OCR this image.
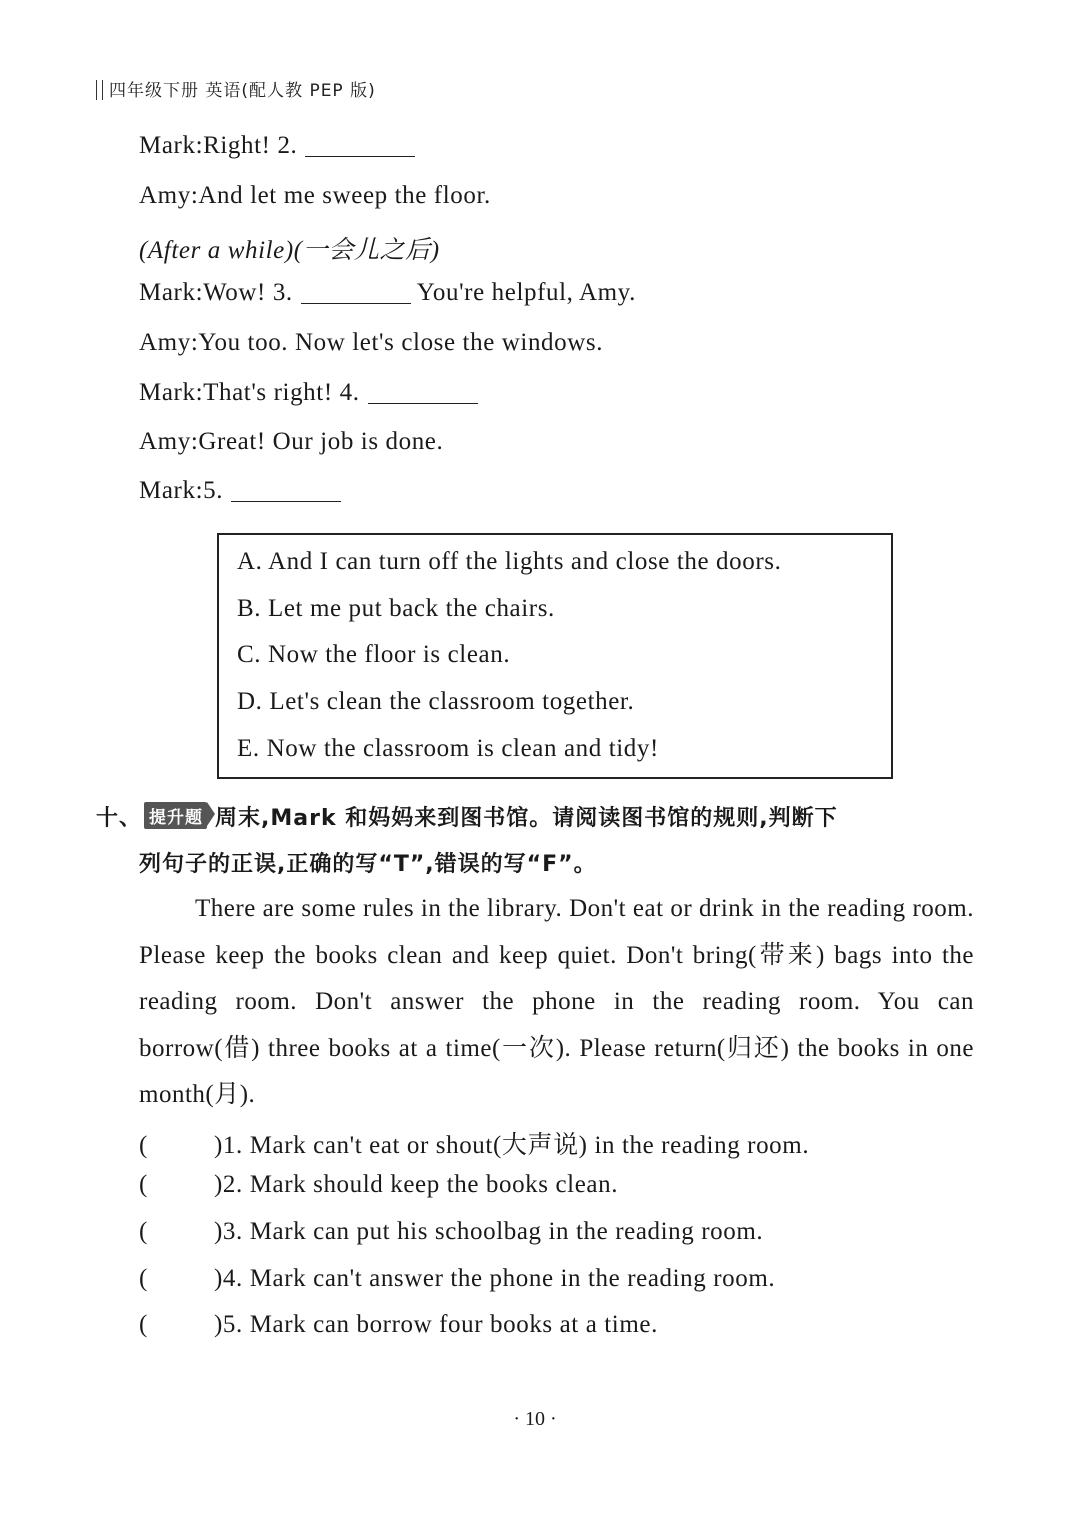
四年级下册 英语(配人教 PEP 版)
Mark:Right! 2.
Amy:And let me sweep the floor.
(After a while)(一会儿之后)
Mark:Wow! 3.	You're helpful, Amy.
Amy:You too. Now let's close the windows.
Mark:That's right! 4.
Amy:Great! Our job is done.
Mark:5.
A. And I can turn off the lights and close the doors.
B. Let me put back the chairs.
C. Now the floor is clean.
D. Let's clean the classroom together.
E. Now the classroom is clean and tidy!
十、 提升题 周末,Mark 和妈妈来到图书馆。请阅读图书馆的规则,判断下
列句子的正误,正确的写“T”,错误的写“F”。
There are some rules in the library. Don't eat or drink in the reading room. Please keep the books clean and keep quiet. Don't bring(带来) bags into the reading room. Don't answer the phone in the reading room. You can borrow(借) three books at a time(一次). Please return(归还) the books in one month(月).
(	)1. Mark can't eat or shout(大声说) in the reading room.
(	)2. Mark should keep the books clean.
(	)3. Mark can put his schoolbag in the reading room.
(	)4. Mark can't answer the phone in the reading room.
(	)5. Mark can borrow four books at a time.
· 10 ·
